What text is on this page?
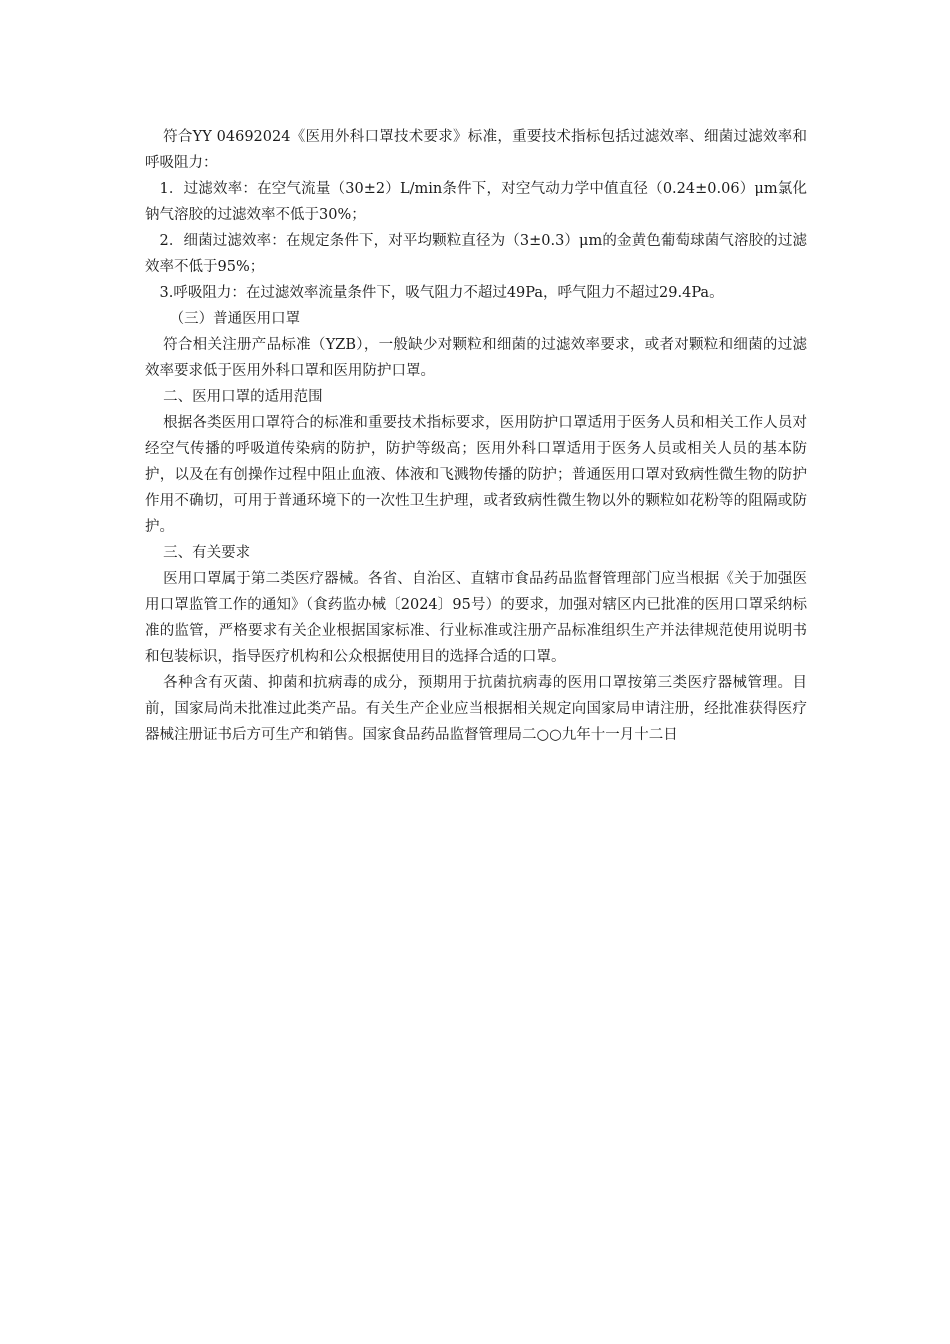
符合YY 04692024《医用外科口罩技术要求》标准，重要技术指标包括过滤效率、细菌过滤效率和呼吸阻力：

1．过滤效率：在空气流量（30±2）L/min条件下，对空气动力学中值直径（0.24±0.06）μm氯化钠气溶胶的过滤效率不低于30%；

2．细菌过滤效率：在规定条件下，对平均颗粒直径为（3±0.3）μm的金黄色葡萄球菌气溶胶的过滤效率不低于95%；

3.呼吸阻力：在过滤效率流量条件下，吸气阻力不超过49Pa，呼气阻力不超过29.4Pa。

（三）普通医用口罩

符合相关注册产品标准（YZB），一般缺少对颗粒和细菌的过滤效率要求，或者对颗粒和细菌的过滤效率要求低于医用外科口罩和医用防护口罩。

二、医用口罩的适用范围

根据各类医用口罩符合的标准和重要技术指标要求，医用防护口罩适用于医务人员和相关工作人员对经空气传播的呼吸道传染病的防护，防护等级高；医用外科口罩适用于医务人员或相关人员的基本防护，以及在有创操作过程中阻止血液、体液和飞溅物传播的防护；普通医用口罩对致病性微生物的防护作用不确切，可用于普通环境下的一次性卫生护理，或者致病性微生物以外的颗粒如花粉等的阻隔或防护。

三、有关要求

医用口罩属于第二类医疗器械。各省、自治区、直辖市食品药品监督管理部门应当根据《关于加强医用口罩监管工作的通知》（食药监办械〔2024〕95号）的要求，加强对辖区内已批准的医用口罩采纳标准的监管，严格要求有关企业根据国家标准、行业标准或注册产品标准组织生产并法律规范使用说明书和包装标识，指导医疗机构和公众根据使用目的选择合适的口罩。

各种含有灭菌、抑菌和抗病毒的成分，预期用于抗菌抗病毒的医用口罩按第三类医疗器械管理。目前，国家局尚未批准过此类产品。有关生产企业应当根据相关规定向国家局申请注册，经批准获得医疗器械注册证书后方可生产和销售。国家食品药品监督管理局二○○九年十一月十二日
